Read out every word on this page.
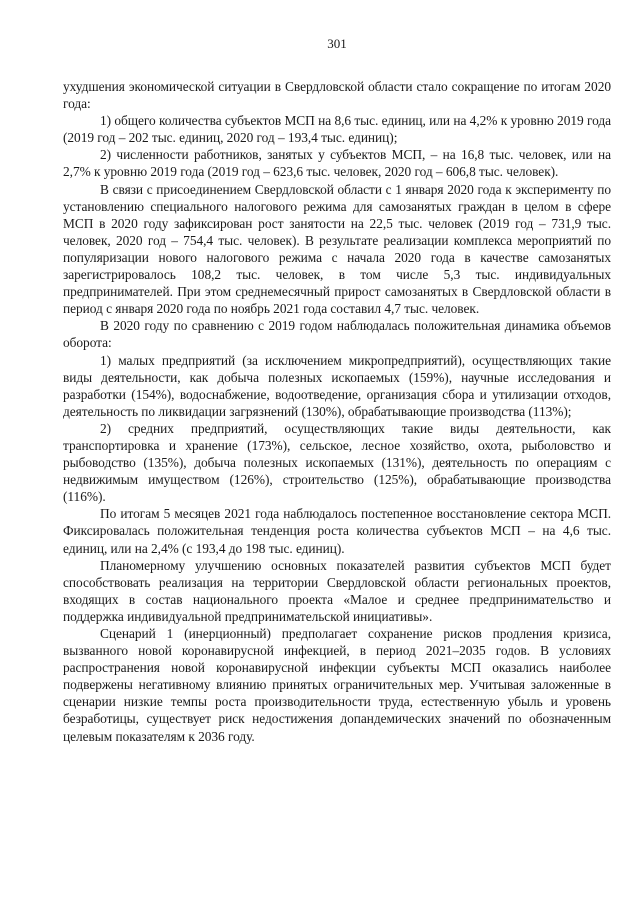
301

ухудшения экономической ситуации в Свердловской области стало сокращение по итогам 2020 года:

1) общего количества субъектов МСП на 8,6 тыс. единиц, или на 4,2% к уровню 2019 года (2019 год – 202 тыс. единиц, 2020 год – 193,4 тыс. единиц);

2) численности работников, занятых у субъектов МСП, – на 16,8 тыс. человек, или на 2,7% к уровню 2019 года (2019 год – 623,6 тыс. человек, 2020 год – 606,8 тыс. человек).

В связи с присоединением Свердловской области с 1 января 2020 года к эксперименту по установлению специального налогового режима для самозанятых граждан в целом в сфере МСП в 2020 году зафиксирован рост занятости на 22,5 тыс. человек (2019 год – 731,9 тыс. человек, 2020 год – 754,4 тыс. человек). В результате реализации комплекса мероприятий по популяризации нового налогового режима с начала 2020 года в качестве самозанятых зарегистрировалось 108,2 тыс. человек, в том числе 5,3 тыс. индивидуальных предпринимателей. При этом среднемесячный прирост самозанятых в Свердловской области в период с января 2020 года по ноябрь 2021 года составил 4,7 тыс. человек.

В 2020 году по сравнению с 2019 годом наблюдалась положительная динамика объемов оборота:

1) малых предприятий (за исключением микропредприятий), осуществляющих такие виды деятельности, как добыча полезных ископаемых (159%), научные исследования и разработки (154%), водоснабжение, водоотведение, организация сбора и утилизации отходов, деятельность по ликвидации загрязнений (130%), обрабатывающие производства (113%);

2) средних предприятий, осуществляющих такие виды деятельности, как транспортировка и хранение (173%), сельское, лесное хозяйство, охота, рыболовство и рыбоводство (135%), добыча полезных ископаемых (131%), деятельность по операциям с недвижимым имуществом (126%), строительство (125%), обрабатывающие производства (116%).

По итогам 5 месяцев 2021 года наблюдалось постепенное восстановление сектора МСП. Фиксировалась положительная тенденция роста количества субъектов МСП – на 4,6 тыс. единиц, или на 2,4% (с 193,4 до 198 тыс. единиц).

Планомерному улучшению основных показателей развития субъектов МСП будет способствовать реализация на территории Свердловской области региональных проектов, входящих в состав национального проекта «Малое и среднее предпринимательство и поддержка индивидуальной предпринимательской инициативы».

Сценарий 1 (инерционный) предполагает сохранение рисков продления кризиса, вызванного новой коронавирусной инфекцией, в период 2021–2035 годов. В условиях распространения новой коронавирусной инфекции субъекты МСП оказались наиболее подвержены негативному влиянию принятых ограничительных мер. Учитывая заложенные в сценарии низкие темпы роста производительности труда, естественную убыль и уровень безработицы, существует риск недостижения допандемических значений по обозначенным целевым показателям к 2036 году.
